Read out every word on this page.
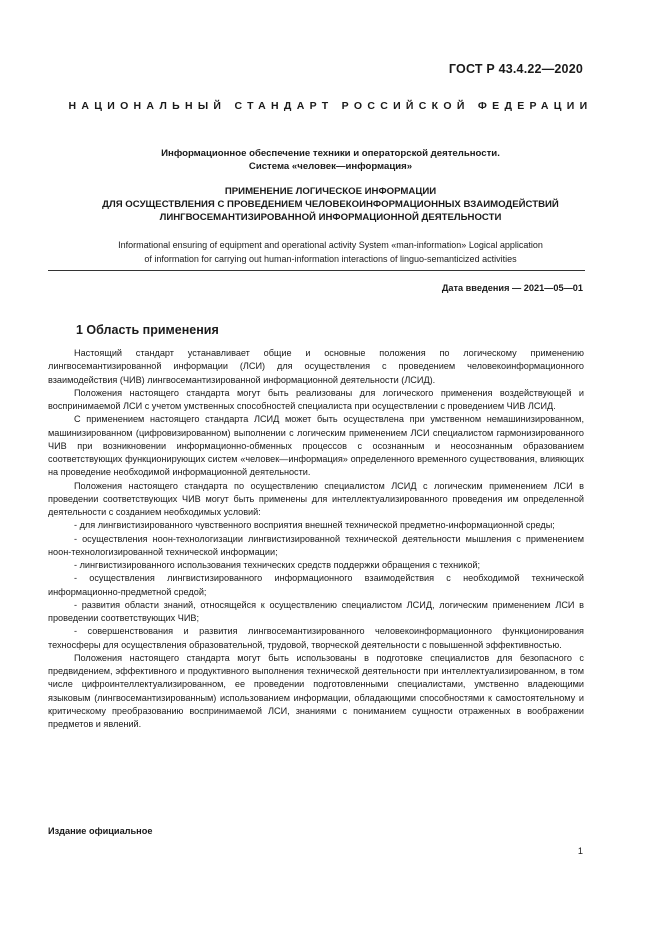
ГОСТ Р 43.4.22—2020
НАЦИОНАЛЬНЫЙ СТАНДАРТ РОССИЙСКОЙ ФЕДЕРАЦИИ
Информационное обеспечение техники и операторской деятельности.
Система «человек—информация»
ПРИМЕНЕНИЕ ЛОГИЧЕСКОЕ ИНФОРМАЦИИ
ДЛЯ ОСУЩЕСТВЛЕНИЯ С ПРОВЕДЕНИЕМ ЧЕЛОВЕКОИНФОРМАЦИОННЫХ ВЗАИМОДЕЙСТВИЙ
ЛИНГВОСЕМАНТИЗИРОВАННОЙ ИНФОРМАЦИОННОЙ ДЕЯТЕЛЬНОСТИ
Informational ensuring of equipment and operational activity System «man-information» Logical application
of information for carrying out human-information interactions of linguo-semanticized activities
Дата введения — 2021—05—01
1 Область применения

Настоящий стандарт устанавливает общие и основные положения по логическому применению лингвосемантизированной информации (ЛСИ) для осуществления с проведением человекоинформационного взаимодействия (ЧИВ) лингвосемантизированной информационной деятельности (ЛСИД).

Положения настоящего стандарта могут быть реализованы для логического применения воздействующей и воспринимаемой ЛСИ с учетом умственных способностей специалиста при осуществлении с проведением ЧИВ ЛСИД.

С применением настоящего стандарта ЛСИД может быть осуществлена при умственном немашинизированном, машинизированном (цифровизированном) выполнении с логическим применением ЛСИ специалистом гармонизированного ЧИВ при возникновении информационно-обменных процессов с осознанным и неосознанным образованием соответствующих функционирующих систем «человек—информация» определенного временного существования, влияющих на проведение необходимой информационной деятельности.

Положения настоящего стандарта по осуществлению специалистом ЛСИД с логическим применением ЛСИ в проведении соответствующих ЧИВ могут быть применены для интеллектуализированного проведения им определенной деятельности с созданием необходимых условий:

- для лингвистизированного чувственного восприятия внешней технической предметно-информационной среды;

- осуществления ноон-технологизации лингвистизированной технической деятельности мышления с применением ноон-технологизированной технической информации;

- лингвистизированного использования технических средств поддержки обращения с техникой;

- осуществления лингвистизированного информационного взаимодействия с необходимой технической информационно-предметной средой;

- развития области знаний, относящейся к осуществлению специалистом ЛСИД, логическим применением ЛСИ в проведении соответствующих ЧИВ;

- совершенствования и развития лингвосемантизированного человекоинформационного функционирования техносферы для осуществления образовательной, трудовой, творческой деятельности с повышенной эффективностью.

Положения настоящего стандарта могут быть использованы в подготовке специалистов для безопасного с предвидением, эффективного и продуктивного выполнения технической деятельности при интеллектуализированном, в том числе цифроинтеллектуализированном, ее проведении подготовленными специалистами, умственно владеющими языковым (лингвосемантизированным) использованием информации, обладающими способностями к самостоятельному и критическому преобразованию воспринимаемой ЛСИ, знаниями с пониманием сущности отраженных в воображении предметов и явлений.

Издание официальное
1
